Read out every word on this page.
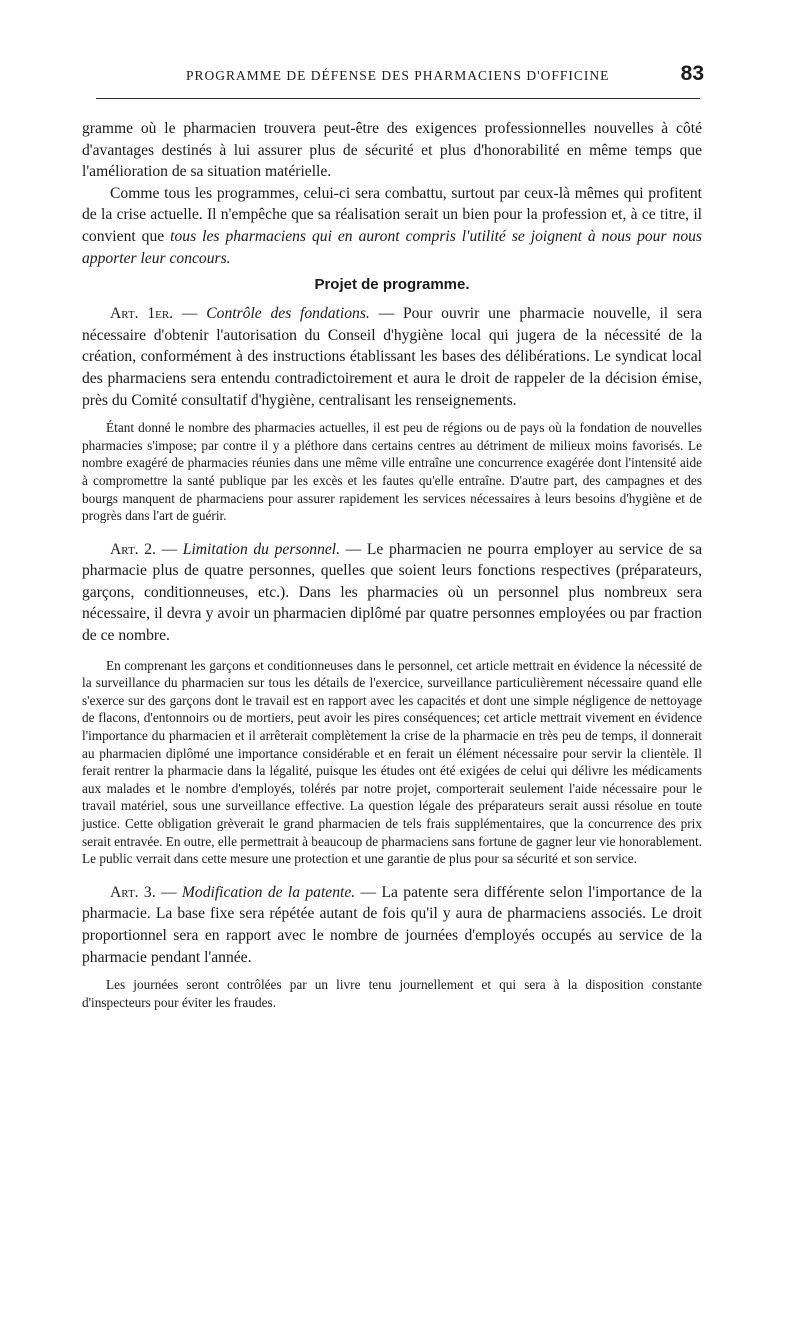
PROGRAMME DE DÉFENSE DES PHARMACIENS D'OFFICINE	83

gramme où le pharmacien trouvera peut-être des exigences professionnelles nouvelles à côté d'avantages destinés à lui assurer plus de sécurité et plus d'honorabilité en même temps que l'amélioration de sa situation matérielle.

Comme tous les programmes, celui-ci sera combattu, surtout par ceux-là mêmes qui profitent de la crise actuelle. Il n'empêche que sa réalisation serait un bien pour la profession et, à ce titre, il convient que tous les pharmaciens qui en auront compris l'utilité se joignent à nous pour nous apporter leur concours.

Projet de programme.

Art. 1er. — Contrôle des fondations. — Pour ouvrir une pharmacie nouvelle, il sera nécessaire d'obtenir l'autorisation du Conseil d'hygiène local qui jugera de la nécessité de la création, conformément à des instructions établissant les bases des délibérations. Le syndicat local des pharmaciens sera entendu contradictoirement et aura le droit de rappeler de la décision émise, près du Comité consultatif d'hygiène, centralisant les renseignements.

Étant donné le nombre des pharmacies actuelles, il est peu de régions ou de pays où la fondation de nouvelles pharmacies s'impose; par contre il y a pléthore dans certains centres au détriment de milieux moins favorisés. Le nombre exagéré de pharmacies réunies dans une même ville entraîne une concurrence exagérée dont l'intensité aide à compromettre la santé publique par les excès et les fautes qu'elle entraîne. D'autre part, des campagnes et des bourgs manquent de pharmaciens pour assurer rapidement les services nécessaires à leurs besoins d'hygiène et de progrès dans l'art de guérir.

Art. 2. — Limitation du personnel. — Le pharmacien ne pourra employer au service de sa pharmacie plus de quatre personnes, quelles que soient leurs fonctions respectives (préparateurs, garçons, conditionneuses, etc.). Dans les pharmacies où un personnel plus nombreux sera nécessaire, il devra y avoir un pharmacien diplômé par quatre personnes employées ou par fraction de ce nombre.

En comprenant les garçons et conditionneuses dans le personnel, cet article mettrait en évidence la nécessité de la surveillance du pharmacien sur tous les détails de l'exercice, surveillance particulièrement nécessaire quand elle s'exerce sur des garçons dont le travail est en rapport avec les capacités et dont une simple négligence de nettoyage de flacons, d'entonnoirs ou de mortiers, peut avoir les pires conséquences; cet article mettrait vivement en évidence l'importance du pharmacien et il arrêterait complètement la crise de la pharmacie en très peu de temps, il donnerait au pharmacien diplômé une importance considérable et en ferait un élément nécessaire pour servir la clientèle. Il ferait rentrer la pharmacie dans la légalité, puisque les études ont été exigées de celui qui délivre les médicaments aux malades et le nombre d'employés, tolérés par notre projet, comporterait seulement l'aide nécessaire pour le travail matériel, sous une surveillance effective. La question légale des préparateurs serait aussi résolue en toute justice. Cette obligation grèverait le grand pharmacien de tels frais supplémentaires, que la concurrence des prix serait entravée. En outre, elle permettrait à beaucoup de pharmaciens sans fortune de gagner leur vie honorablement. Le public verrait dans cette mesure une protection et une garantie de plus pour sa sécurité et son service.

Art. 3. — Modification de la patente. — La patente sera différente selon l'importance de la pharmacie. La base fixe sera répétée autant de fois qu'il y aura de pharmaciens associés. Le droit proportionnel sera en rapport avec le nombre de journées d'employés occupés au service de la pharmacie pendant l'année.

Les journées seront contrôlées par un livre tenu journellement et qui sera à la disposition constante d'inspecteurs pour éviter les fraudes.
